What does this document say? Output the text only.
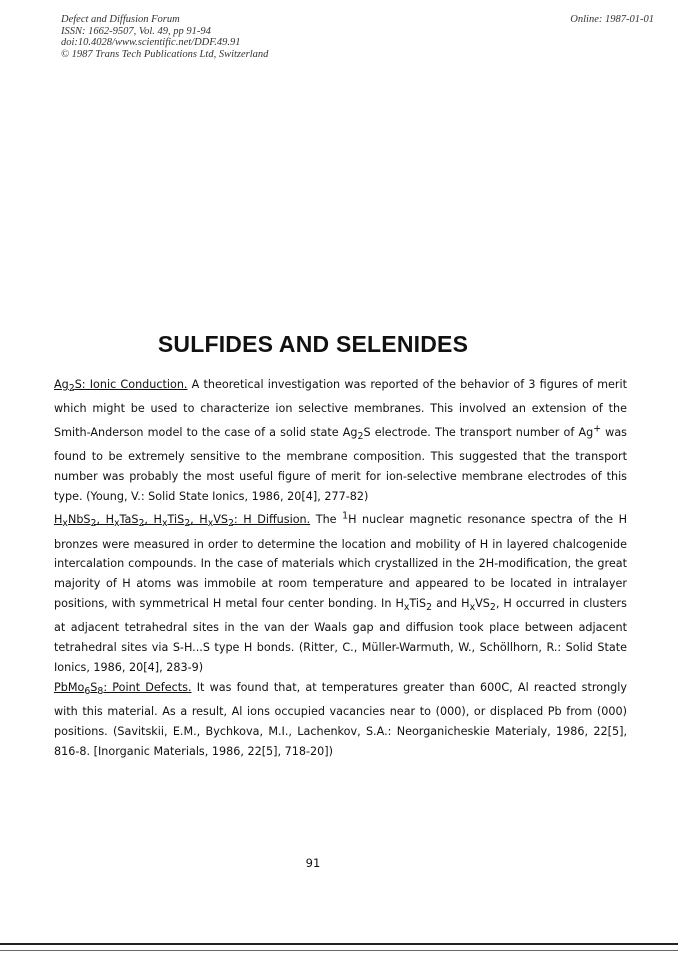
Defect and Diffusion Forum
ISSN: 1662-9507, Vol. 49, pp 91-94
doi:10.4028/www.scientific.net/DDF.49.91
© 1987 Trans Tech Publications Ltd, Switzerland
Online: 1987-01-01
SULFIDES AND SELENIDES

$Ag_2S$: Ionic Conduction. A theoretical investigation was reported of the behavior of 3 figures of merit which might be used to characterize ion selective membranes. This involved an extension of the Smith-Anderson model to the case of a solid state $Ag_2S$ electrode. The transport number of Ag+ was found to be extremely sensitive to the membrane composition. This suggested that the transport number was probably the most useful figure of merit for ion-selective membrane electrodes of this type. (Young, V.: Solid State Ionics, 1986, 20[4], 277-82)

$H_xNbS_2$, $H_xTaS_2$, $H_xTiS_2$, $H_xVS_2$: H Diffusion. The $^1$H nuclear magnetic resonance spectra of the H bronzes were measured in order to determine the location and mobility of H in layered chalcogenide intercalation compounds. In the case of materials which crystallized in the 2H-modification, the great majority of H atoms was immobile at room temperature and appeared to be located in intralayer positions, with symmetrical H metal four center bonding. In $H_xTiS_2$ and $H_xVS_2$, H occurred in clusters at adjacent tetrahedral sites in the van der Waals gap and diffusion took place between adjacent tetrahedral sites via S-H...S type H bonds. (Ritter, C., Müller-Warmuth, W., Schöllhorn, R.: Solid State Ionics, 1986, 20[4], 283-9)

$PbMo_6S_8$: Point Defects. It was found that, at temperatures greater than 600C, Al reacted strongly with this material. As a result, Al ions occupied vacancies near to (000), or displaced Pb from (000) positions. (Savitskii, E.M., Bychkova, M.I., Lachenkov, S.A.: Neorganicheskie Materialy, 1986, 22[5], 816-8. [Inorganic Materials, 1986, 22[5], 718-20])

91
